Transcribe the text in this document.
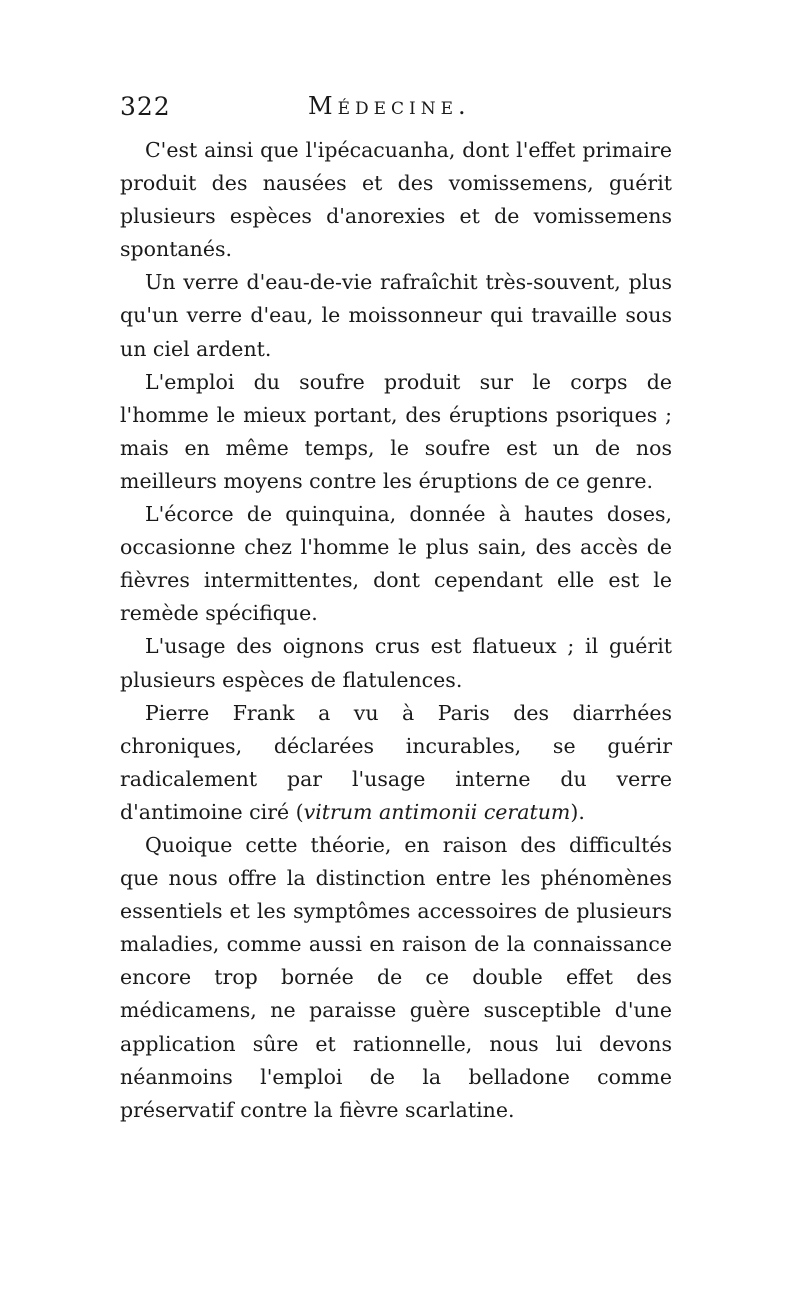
322	Médecine.

C'est ainsi que l'ipécacuanha, dont l'effet primaire produit des nausées et des vomissemens, guérit plusieurs espèces d'anorexies et de vomissemens spontanés.

Un verre d'eau-de-vie rafraîchit très-souvent, plus qu'un verre d'eau, le moissonneur qui travaille sous un ciel ardent.

L'emploi du soufre produit sur le corps de l'homme le mieux portant, des éruptions psoriques ; mais en même temps, le soufre est un de nos meilleurs moyens contre les éruptions de ce genre.

L'écorce de quinquina, donnée à hautes doses, occasionne chez l'homme le plus sain, des accès de fièvres intermittentes, dont cependant elle est le remède spécifique.

L'usage des oignons crus est flatueux ; il guérit plusieurs espèces de flatulences.

Pierre Frank a vu à Paris des diarrhées chroniques, déclarées incurables, se guérir radicalement par l'usage interne du verre d'antimoine ciré (vitrum antimonii ceratum).

Quoique cette théorie, en raison des difficultés que nous offre la distinction entre les phénomènes essentiels et les symptômes accessoires de plusieurs maladies, comme aussi en raison de la connaissance encore trop bornée de ce double effet des médicamens, ne paraisse guère susceptible d'une application sûre et rationnelle, nous lui devons néanmoins l'emploi de la belladone comme préservatif contre la fièvre scarlatine.
